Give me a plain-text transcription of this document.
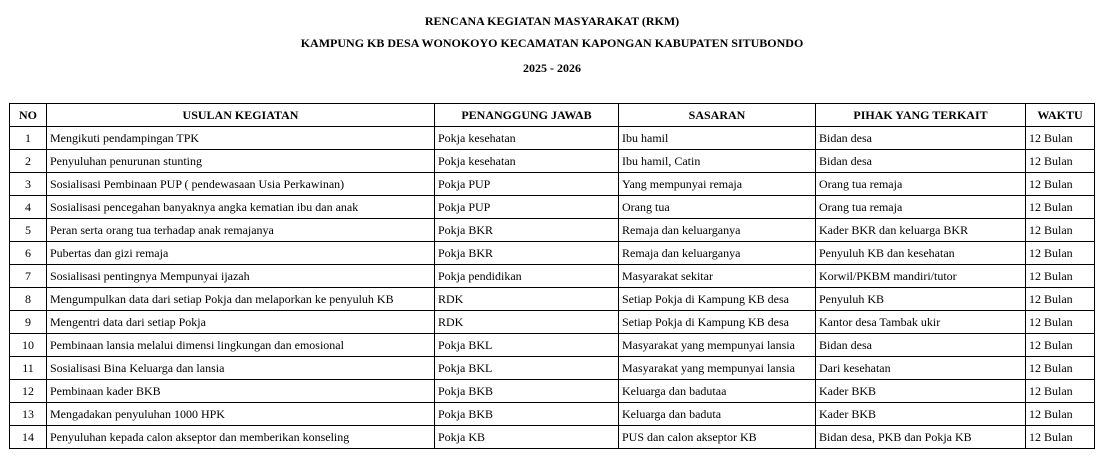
RENCANA KEGIATAN MASYARAKAT (RKM)
KAMPUNG KB DESA WONOKOYO KECAMATAN KAPONGAN KABUPATEN SITUBONDO
2025 - 2026
NO	USULAN KEGIATAN	PENANGGUNG JAWAB	SASARAN	PIHAK YANG TERKAIT	WAKTU
1	Mengikuti pendampingan TPK	Pokja kesehatan	Ibu hamil	Bidan desa	12 Bulan
2	Penyuluhan penurunan stunting	Pokja kesehatan	Ibu hamil, Catin	Bidan desa	12 Bulan
3	Sosialisasi Pembinaan PUP ( pendewasaan Usia Perkawinan)	Pokja PUP	Yang mempunyai remaja	Orang tua remaja	12 Bulan
4	Sosialisasi pencegahan banyaknya angka kematian ibu dan anak	Pokja PUP	Orang tua	Orang tua remaja	12 Bulan
5	Peran serta orang tua terhadap anak remajanya	Pokja BKR	Remaja dan keluarganya	Kader BKR dan keluarga BKR	12 Bulan
6	Pubertas dan gizi remaja	Pokja BKR	Remaja dan keluarganya	Penyuluh KB dan kesehatan	12 Bulan
7	Sosialisasi pentingnya Mempunyai ijazah	Pokja pendidikan	Masyarakat sekitar	Korwil/PKBM mandiri/tutor	12 Bulan
8	Mengumpulkan data dari setiap Pokja dan melaporkan ke penyuluh KB	RDK	Setiap Pokja di Kampung KB desa	Penyuluh KB	12 Bulan
9	Mengentri data dari setiap Pokja	RDK	Setiap Pokja di Kampung KB desa	Kantor desa Tambak ukir	12 Bulan
10	Pembinaan lansia melalui dimensi lingkungan dan emosional	Pokja BKL	Masyarakat yang mempunyai lansia	Bidan desa	12 Bulan
11	Sosialisasi Bina Keluarga dan lansia	Pokja BKL	Masyarakat yang mempunyai lansia	Dari kesehatan	12 Bulan
12	Pembinaan kader BKB	Pokja BKB	Keluarga dan badutaa	Kader BKB	12 Bulan
13	Mengadakan penyuluhan 1000 HPK	Pokja BKB	Keluarga dan baduta	Kader BKB	12 Bulan
14	Penyuluhan kepada calon akseptor dan memberikan konseling	Pokja KB	PUS dan calon akseptor KB	Bidan desa, PKB dan Pokja KB	12 Bulan
